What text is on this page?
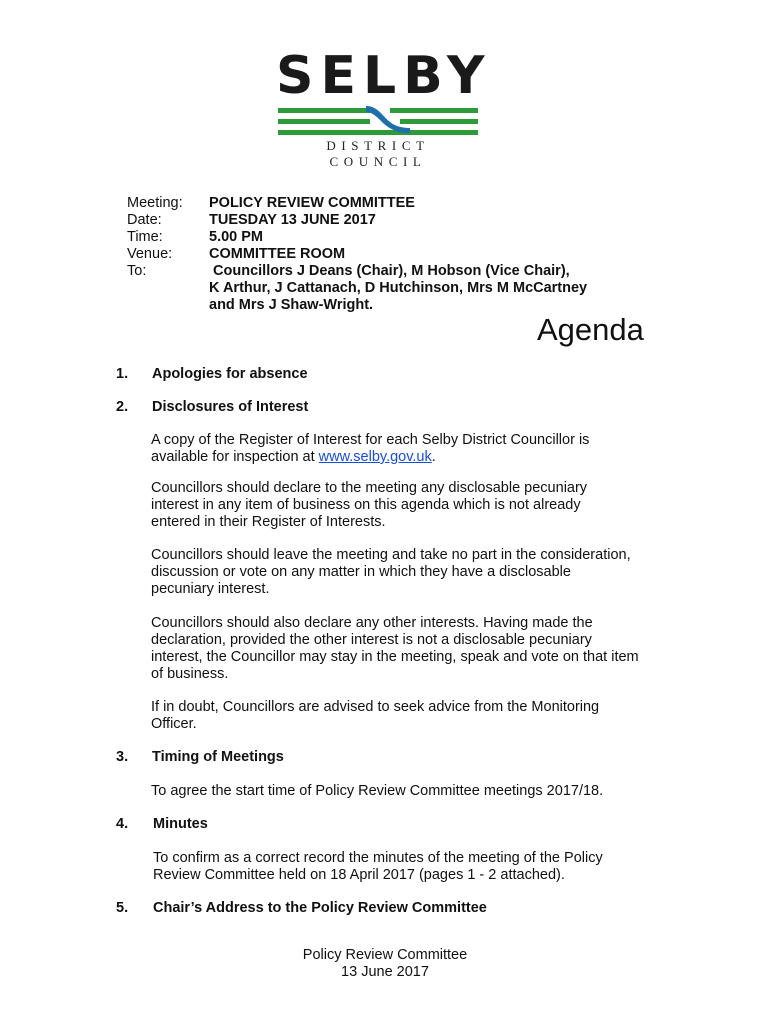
SELBY
DISTRICT COUNCIL
Meeting:	POLICY REVIEW COMMITTEE
Date:	TUESDAY 13 JUNE 2017
Time:	5.00 PM
Venue:	COMMITTEE ROOM
To:	Councillors J Deans (Chair), M Hobson (Vice Chair),
K Arthur, J Cattanach, D Hutchinson, Mrs M McCartney
and Mrs J Shaw-Wright.
Agenda
1.	Apologies for absence
2.	Disclosures of Interest
A copy of the Register of Interest for each Selby District Councillor is
available for inspection at www.selby.gov.uk.
Councillors should declare to the meeting any disclosable pecuniary interest in any item of business on this agenda which is not already entered in their Register of Interests.
Councillors should leave the meeting and take no part in the consideration, discussion or vote on any matter in which they have a disclosable pecuniary interest.
Councillors should also declare any other interests. Having made the declaration, provided the other interest is not a disclosable pecuniary interest, the Councillor may stay in the meeting, speak and vote on that item of business.
If in doubt, Councillors are advised to seek advice from the Monitoring Officer.
3.	Timing of Meetings
To agree the start time of Policy Review Committee meetings 2017/18.
4.	Minutes
To confirm as a correct record the minutes of the meeting of the Policy Review Committee held on 18 April 2017 (pages 1 - 2 attached).
5.	Chair’s Address to the Policy Review Committee
Policy Review Committee
13 June 2017
